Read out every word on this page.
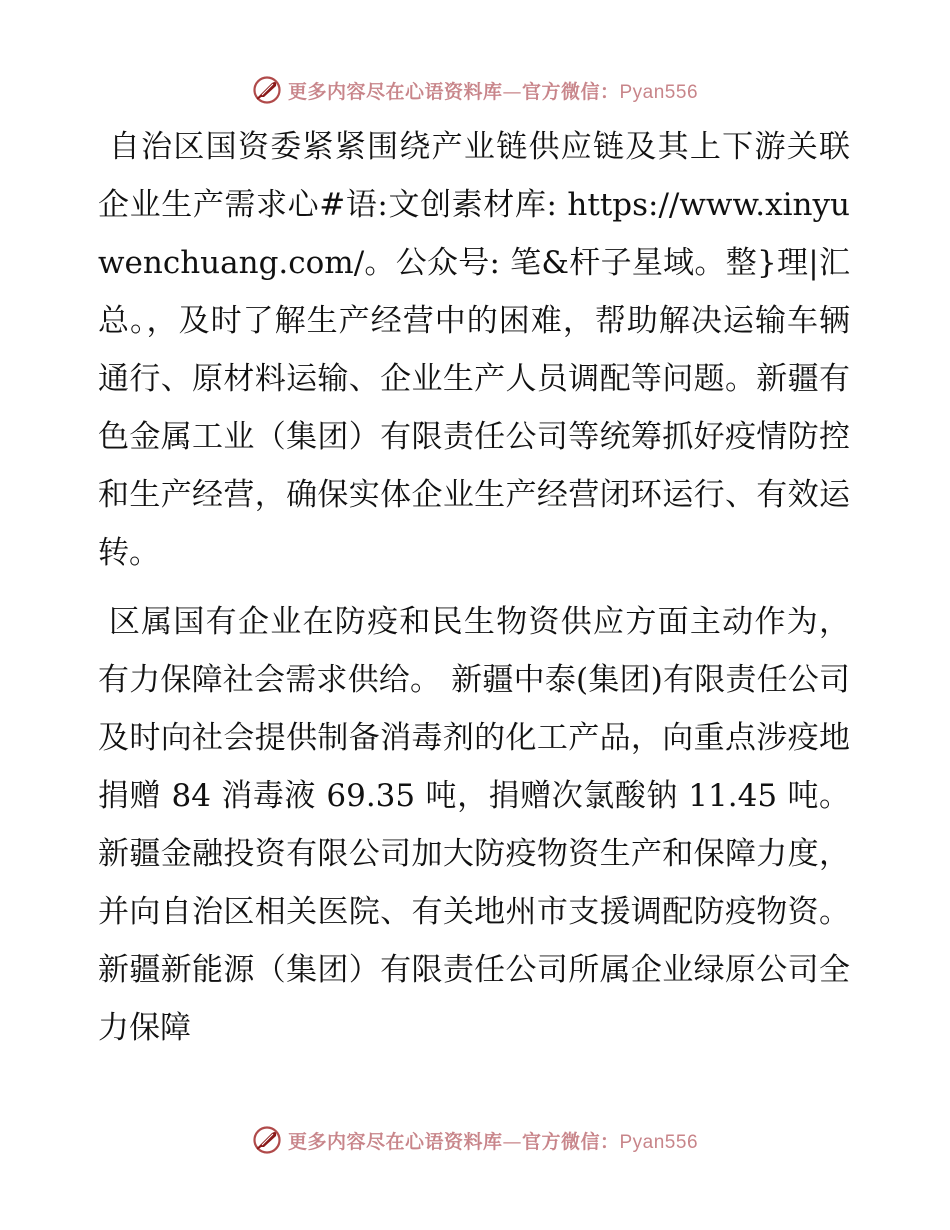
更多内容尽在心语资料库—官方微信：Pyan556

自治区国资委紧紧围绕产业链供应链及其上下游关联企业生产需求心#语:文创素材库: https://www.xinyuwenchuang.com/。公众号: 笔&杆子星域。整}理|汇总。，及时了解生产经营中的困难，帮助解决运输车辆通行、原材料运输、企业生产人员调配等问题。新疆有色金属工业（集团）有限责任公司等统筹抓好疫情防控和生产经营，确保实体企业生产经营闭环运行、有效运转。

区属国有企业在防疫和民生物资供应方面主动作为， 有力保障社会需求供给。 新疆中泰(集团)有限责任公司及时向社会提供制备消毒剂的化工产品，向重点涉疫地捐赠 84 消毒液 69.35 吨，捐赠次氯酸钠 11.45 吨。新疆金融投资有限公司加大防疫物资生产和保障力度，并向自治区相关医院、有关地州市支援调配防疫物资。新疆新能源（集团）有限责任公司所属企业绿原公司全力保障

更多内容尽在心语资料库—官方微信：Pyan556
